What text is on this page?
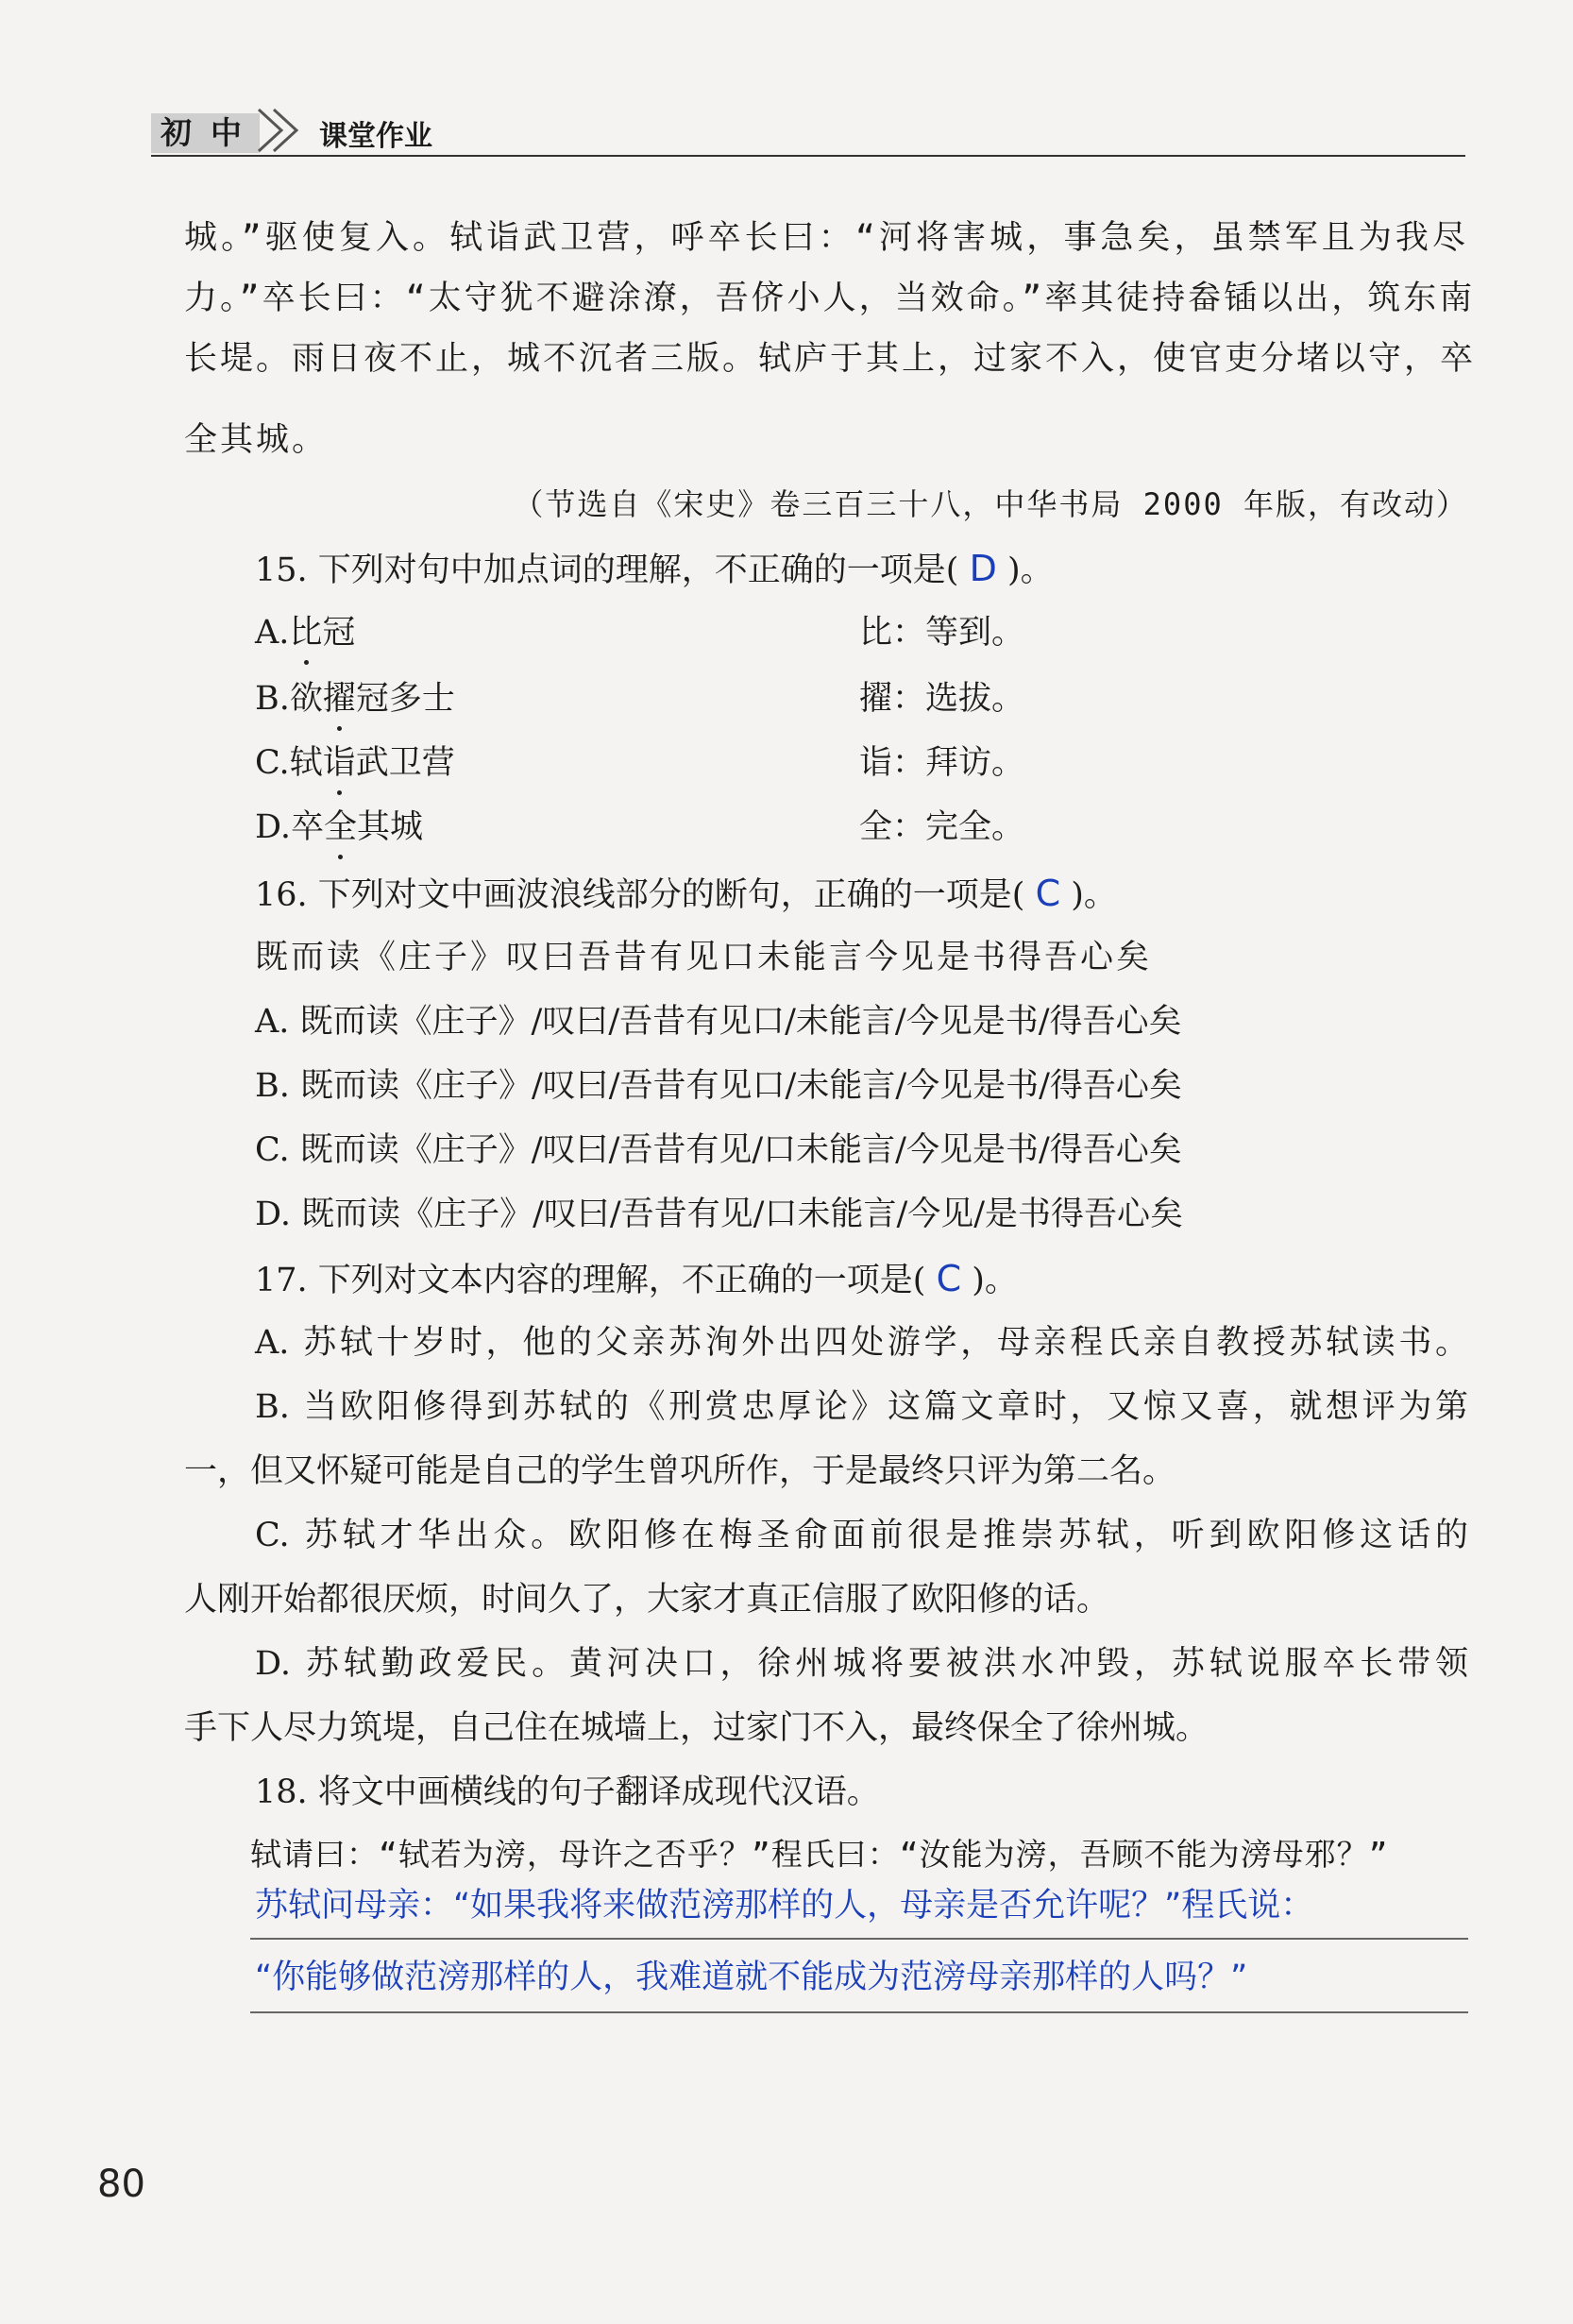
初中 课堂作业
城。”驱使复入。轼诣武卫营，呼卒长曰：“河将害城，事急矣，虽禁军且为我尽
力。”卒长曰：“太守犹不避涂潦，吾侪小人，当效命。”率其徒持畚锸以出，筑东南
长堤。雨日夜不止，城不沉者三版。轼庐于其上，过家不入，使官吏分堵以守，卒
全其城。
（节选自《宋史》卷三百三十八，中华书局 2000 年版，有改动）
15. 下列对句中加点词的理解，不正确的一项是( D )。
A.比冠	比：等到。
B.欲擢冠多士	擢：选拔。
C.轼诣武卫营	诣：拜访。
D.卒全其城	全：完全。
16. 下列对文中画波浪线部分的断句，正确的一项是( C )。
既而读《庄子》叹曰吾昔有见口未能言今见是书得吾心矣
A. 既而读《庄子》/叹曰/吾昔有见口/未能言/今见是书/得吾心矣
B. 既而读《庄子》/叹曰/吾昔有见口/未能言/今见是书/得吾心矣
C. 既而读《庄子》/叹曰/吾昔有见/口未能言/今见是书/得吾心矣
D. 既而读《庄子》/叹曰/吾昔有见/口未能言/今见/是书得吾心矣
17. 下列对文本内容的理解，不正确的一项是( C )。
A. 苏轼十岁时，他的父亲苏洵外出四处游学，母亲程氏亲自教授苏轼读书。
B. 当欧阳修得到苏轼的《刑赏忠厚论》这篇文章时，又惊又喜，就想评为第
一，但又怀疑可能是自己的学生曾巩所作，于是最终只评为第二名。
C. 苏轼才华出众。欧阳修在梅圣俞面前很是推崇苏轼，听到欧阳修这话的
人刚开始都很厌烦，时间久了，大家才真正信服了欧阳修的话。
D. 苏轼勤政爱民。黄河决口，徐州城将要被洪水冲毁，苏轼说服卒长带领
手下人尽力筑堤，自己住在城墙上，过家门不入，最终保全了徐州城。
18. 将文中画横线的句子翻译成现代汉语。
轼请曰：“轼若为滂，母许之否乎？”程氏曰：“汝能为滂，吾顾不能为滂母邪？”
苏轼问母亲：“如果我将来做范滂那样的人，母亲是否允许呢？”程氏说：
“你能够做范滂那样的人，我难道就不能成为范滂母亲那样的人吗？”
80
